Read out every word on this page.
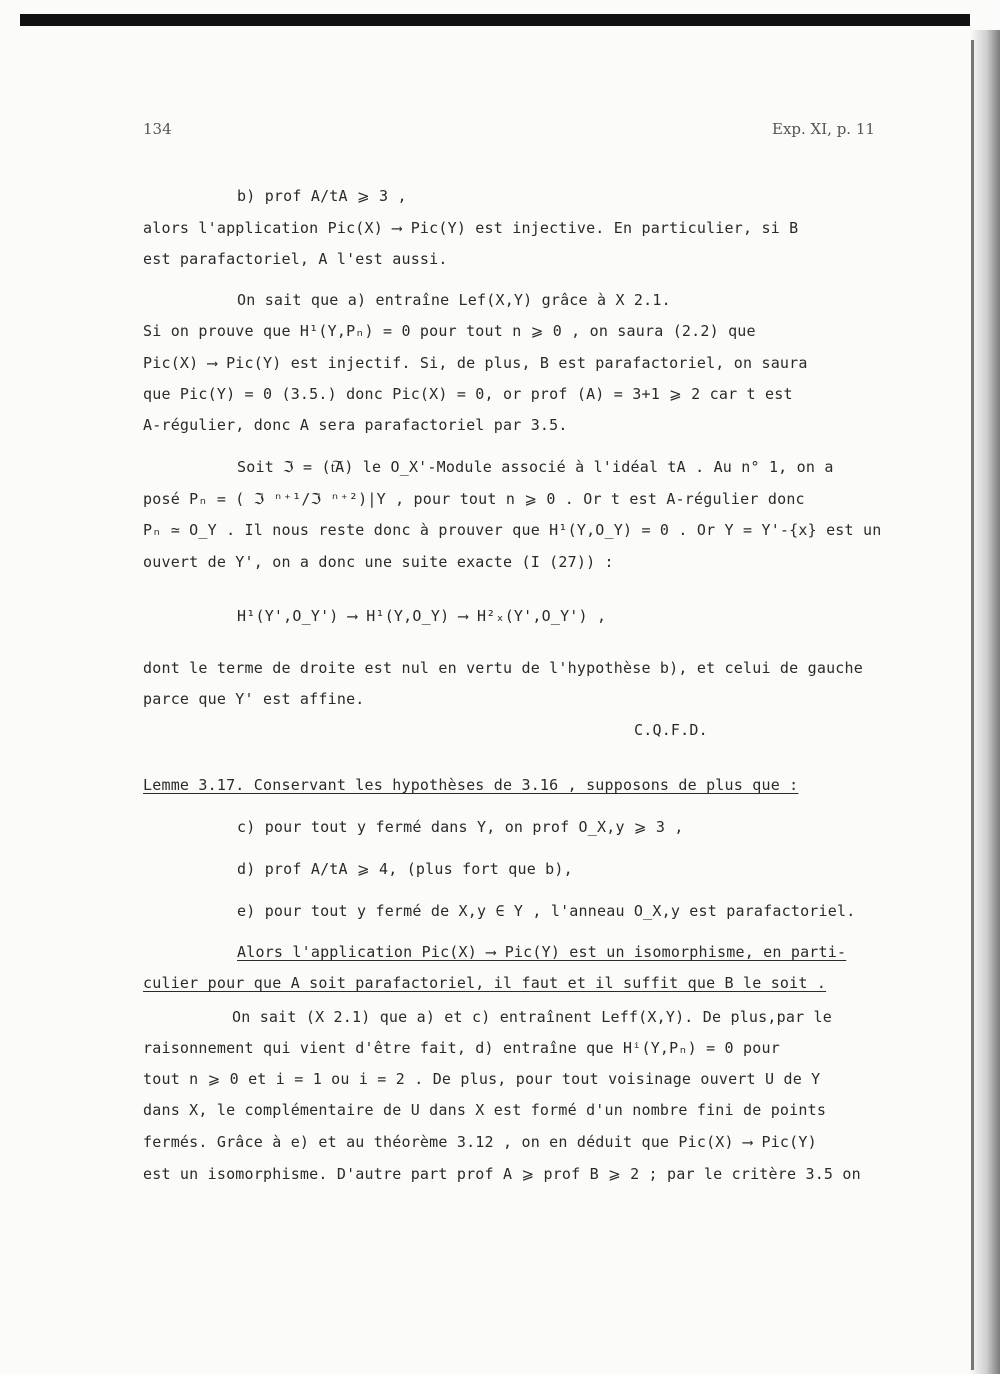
134	Exp. XI, p. 11
b) prof A/tA ⩾ 3 ,
alors l'application Pic(X) ⟶ Pic(Y) est injective. En particulier, si B
est parafactoriel, A l'est aussi.
On sait que a) entraîne Lef(X,Y) grâce à X 2.1.
Si on prouve que H¹(Y,Pₙ) = 0 pour tout n ⩾ 0 , on saura (2.2) que
Pic(X) ⟶ Pic(Y) est injectif. Si, de plus, B est parafactoriel, on saura
que Pic(Y) = 0 (3.5.) donc Pic(X) = 0, or prof (A) = 3+1 ⩾ 2 car t est
A-régulier, donc A sera parafactoriel par 3.5.
Soit ℑ = (t͠A) le O_X'-Module associé à l'idéal tA . Au n° 1, on a
posé Pₙ = ( ℑ ⁿ⁺¹/ℑ ⁿ⁺²)|Y , pour tout n ⩾ 0 . Or t est A-régulier donc
Pₙ ≃ O_Y . Il nous reste donc à prouver que H¹(Y,O_Y) = 0 . Or Y = Y'-{x} est un
ouvert de Y', on a donc une suite exacte (I (27)) :
H¹(Y',O_Y') ⟶ H¹(Y,O_Y) ⟶ H²ₓ(Y',O_Y') ,
dont le terme de droite est nul en vertu de l'hypothèse b), et celui de gauche
parce que Y' est affine.
C.Q.F.D.
Lemme 3.17. Conservant les hypothèses de 3.16 , supposons de plus que :
c) pour tout y fermé dans Y, on prof O_X,y ⩾ 3 ,
d) prof A/tA ⩾ 4, (plus fort que b),
e) pour tout y fermé de X,y ∈ Y , l'anneau O_X,y est parafactoriel.
Alors l'application Pic(X) ⟶ Pic(Y) est un isomorphisme, en parti-
culier pour que A soit parafactoriel, il faut et il suffit que B le soit .
On sait (X 2.1) que a) et c) entraînent Leff(X,Y). De plus,par le
raisonnement qui vient d'être fait, d) entraîne que Hⁱ(Y,Pₙ) = 0 pour
tout n ⩾ 0 et i = 1 ou i = 2 . De plus, pour tout voisinage ouvert U de Y
dans X, le complémentaire de U dans X est formé d'un nombre fini de points
fermés. Grâce à e) et au théorème 3.12 , on en déduit que Pic(X) ⟶ Pic(Y)
est un isomorphisme. D'autre part prof A ⩾ prof B ⩾ 2 ; par le critère 3.5 on
